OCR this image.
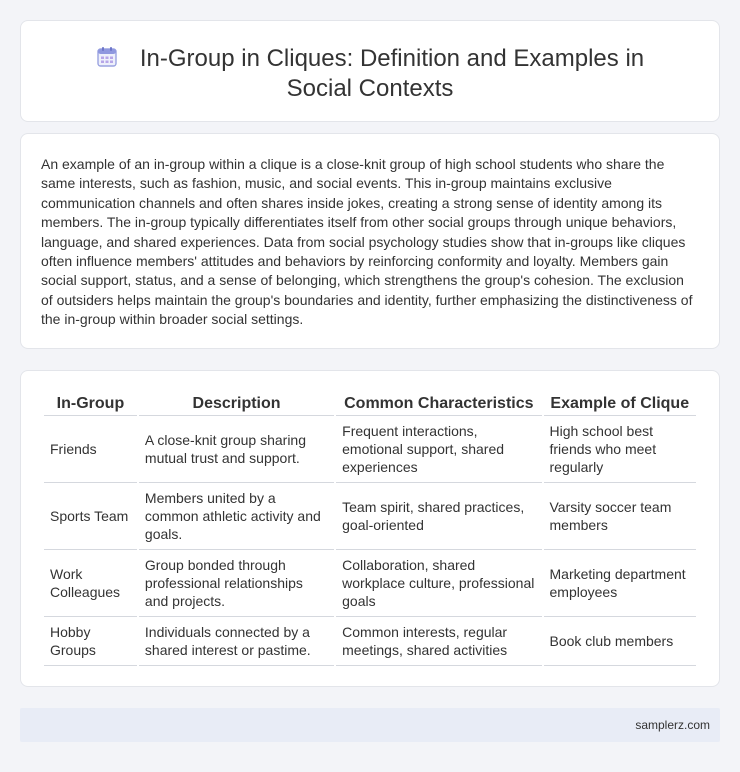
In-Group in Cliques: Definition and Examples in Social Contexts

An example of an in-group within a clique is a close-knit group of high school students who share the same interests, such as fashion, music, and social events. This in-group maintains exclusive communication channels and often shares inside jokes, creating a strong sense of identity among its members. The in-group typically differentiates itself from other social groups through unique behaviors, language, and shared experiences. Data from social psychology studies show that in-groups like cliques often influence members' attitudes and behaviors by reinforcing conformity and loyalty. Members gain social support, status, and a sense of belonging, which strengthens the group's cohesion. The exclusion of outsiders helps maintain the group's boundaries and identity, further emphasizing the distinctiveness of the in-group within broader social settings.

In-Group	Description	Common Characteristics	Example of Clique
Friends	A close-knit group sharing mutual trust and support.	Frequent interactions, emotional support, shared experiences	High school best friends who meet regularly
Sports Team	Members united by a common athletic activity and goals.	Team spirit, shared practices, goal-oriented	Varsity soccer team members
Work Colleagues	Group bonded through professional relationships and projects.	Collaboration, shared workplace culture, professional goals	Marketing department employees
Hobby Groups	Individuals connected by a shared interest or pastime.	Common interests, regular meetings, shared activities	Book club members
samplerz.com
